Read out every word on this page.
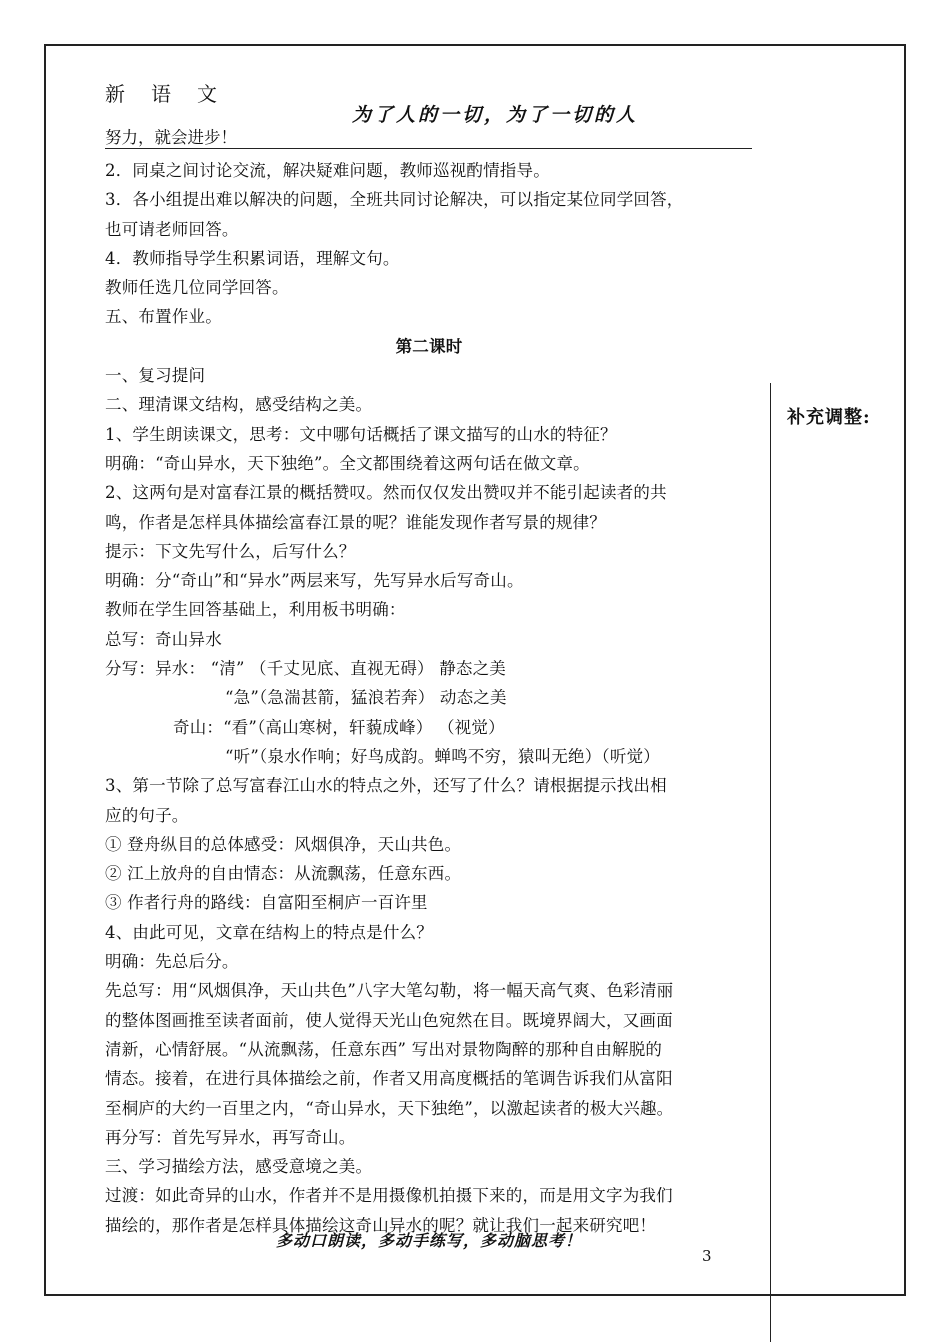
补充调整:
新语文
为了人的一切，为了一切的人
努力，就会进步！
2．同桌之间讨论交流，解决疑难问题，教师巡视酌情指导。
3．各小组提出难以解决的问题，全班共同讨论解决，可以指定某位同学回答，
也可请老师回答。
4．教师指导学生积累词语，理解文句。
教师任选几位同学回答。
五、布置作业。
第二课时
一、复习提问
二、理清课文结构，感受结构之美。
1、学生朗读课文，思考：文中哪句话概括了课文描写的山水的特征？
明确：“奇山异水，天下独绝”。全文都围绕着这两句话在做文章。
2、这两句是对富春江景的概括赞叹。然而仅仅发出赞叹并不能引起读者的共
鸣，作者是怎样具体描绘富春江景的呢？谁能发现作者写景的规律？
提示：下文先写什么，后写什么？
明确：分“奇山”和“异水”两层来写，先写异水后写奇山。
教师在学生回答基础上，利用板书明确：
总写：奇山异水
分写：异水： “清” （千丈见底、直视无碍） 静态之美
“急”（急湍甚箭，猛浪若奔） 动态之美
奇山：“看”（高山寒树，轩藐成峰） （视觉）
“听”（泉水作响；好鸟成韵。蝉鸣不穷，猿叫无绝）（听觉）
3、第一节除了总写富春江山水的特点之外，还写了什么？请根据提示找出相
应的句子。
① 登舟纵目的总体感受：风烟俱净，天山共色。
② 江上放舟的自由情态：从流飘荡，任意东西。
③ 作者行舟的路线：自富阳至桐庐一百许里
4、由此可见，文章在结构上的特点是什么？
明确：先总后分。
先总写：用“风烟俱净，天山共色”八字大笔勾勒，将一幅天高气爽、色彩清丽
的整体图画推至读者面前，使人觉得天光山色宛然在目。既境界阔大，又画面
清新，心情舒展。“从流飘荡，任意东西” 写出对景物陶醉的那种自由解脱的
情态。接着，在进行具体描绘之前，作者又用高度概括的笔调告诉我们从富阳
至桐庐的大约一百里之内，“奇山异水，天下独绝”，以激起读者的极大兴趣。
再分写：首先写异水，再写奇山。
三、学习描绘方法，感受意境之美。
过渡：如此奇异的山水，作者并不是用摄像机拍摄下来的，而是用文字为我们
描绘的，那作者是怎样具体描绘这奇山异水的呢？就让我们一起来研究吧！
多动口朗读，多动手练写，多动脑思考！
3
